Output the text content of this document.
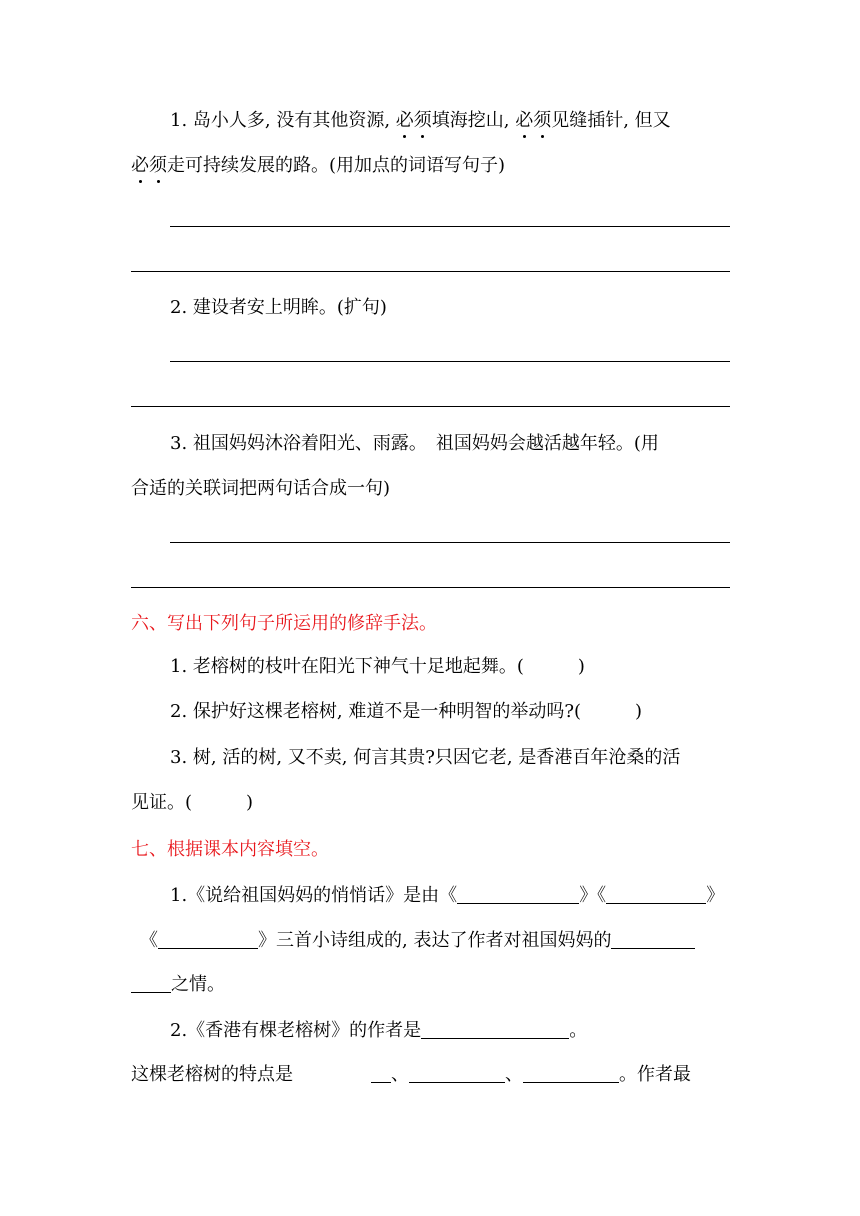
1. 岛小人多, 没有其他资源, 必须填海挖山, 必须见缝插针, 但又
必须走可持续发展的路。(用加点的词语写句子)
2. 建设者安上明眸。(扩句)
3. 祖国妈妈沐浴着阳光、雨露。　祖国妈妈会越活越年轻。(用
合适的关联词把两句话合成一句)
六、写出下列句子所运用的修辞手法。
1. 老榕树的枝叶在阳光下神气十足地起舞。(　　　)
2. 保护好这棵老榕树, 难道不是一种明智的举动吗?(　　　)
3. 树, 活的树, 又不卖, 何言其贵?只因它老, 是香港百年沧桑的活
见证。(　　　)
七、根据课本内容填空。
1.《说给祖国妈妈的悄悄话》是由《	》《	》
《	》三首小诗组成的, 表达了作者对祖国妈妈的
之情。
2.《香港有棵老榕树》的作者是	。
这棵老榕树的特点是	、	、	。作者最
